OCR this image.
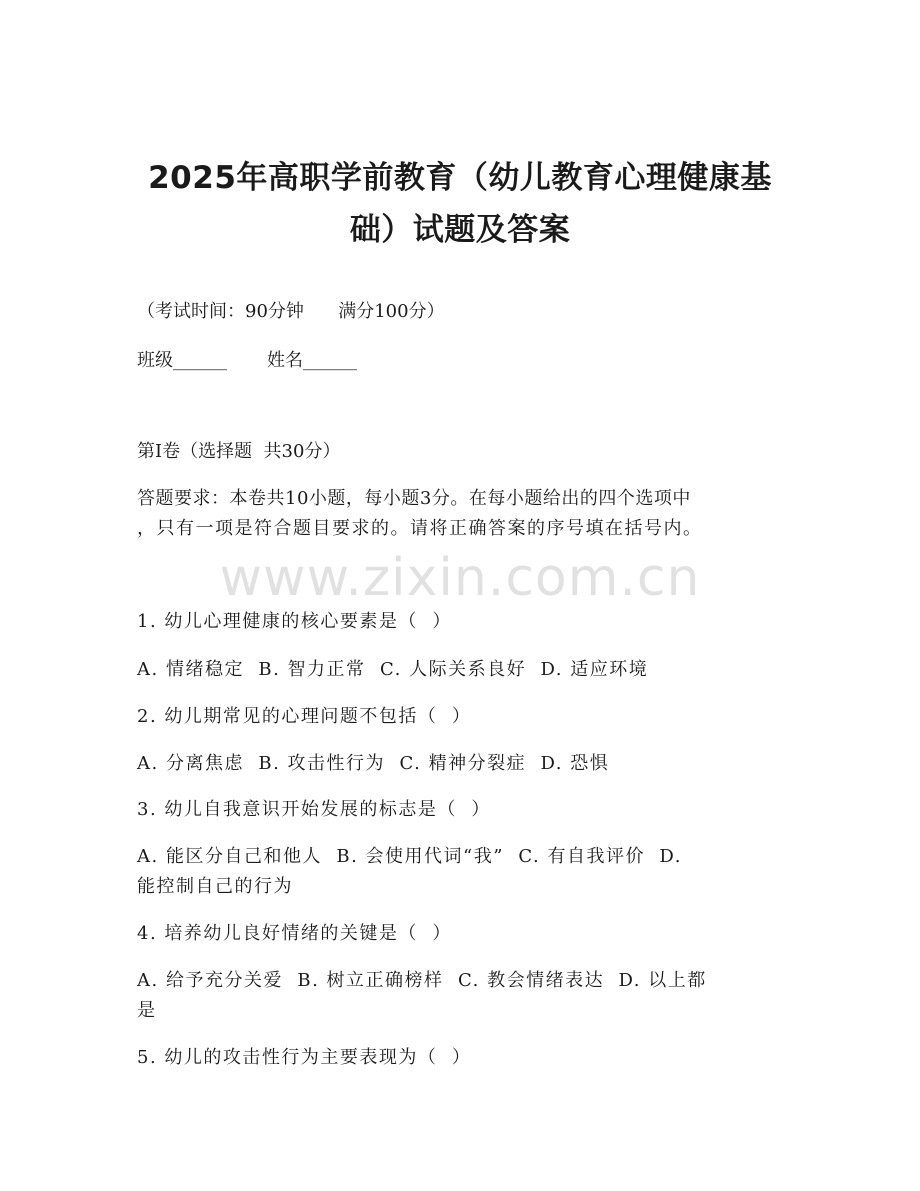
2025年高职学前教育（幼儿教育心理健康基
础）试题及答案
（考试时间：90分钟      满分100分）
班级______       姓名______
第I卷（选择题  共30分）
答题要求：本卷共10小题，每小题3分。在每小题给出的四个选项中
，只有一项是符合题目要求的。请将正确答案的序号填在括号内。
www.zixin.com.cn
1. 幼儿心理健康的核心要素是（  ）
A. 情绪稳定  B. 智力正常  C. 人际关系良好  D. 适应环境
2. 幼儿期常见的心理问题不包括（  ）
A. 分离焦虑  B. 攻击性行为  C. 精神分裂症  D. 恐惧
3. 幼儿自我意识开始发展的标志是（  ）
A. 能区分自己和他人  B. 会使用代词“我”  C. 有自我评价  D.
能控制自己的行为
4. 培养幼儿良好情绪的关键是（  ）
A. 给予充分关爱  B. 树立正确榜样  C. 教会情绪表达  D. 以上都
是
5. 幼儿的攻击性行为主要表现为（  ）
